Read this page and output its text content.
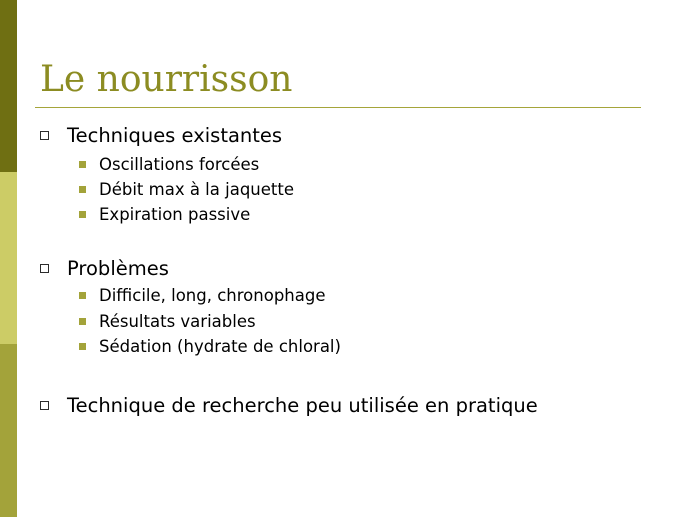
Le nourrisson
Techniques existantes
Oscillations forcées
Débit max à la jaquette
Expiration passive
Problèmes
Difficile, long, chronophage
Résultats variables
Sédation (hydrate de chloral)
Technique de recherche peu utilisée en pratique
